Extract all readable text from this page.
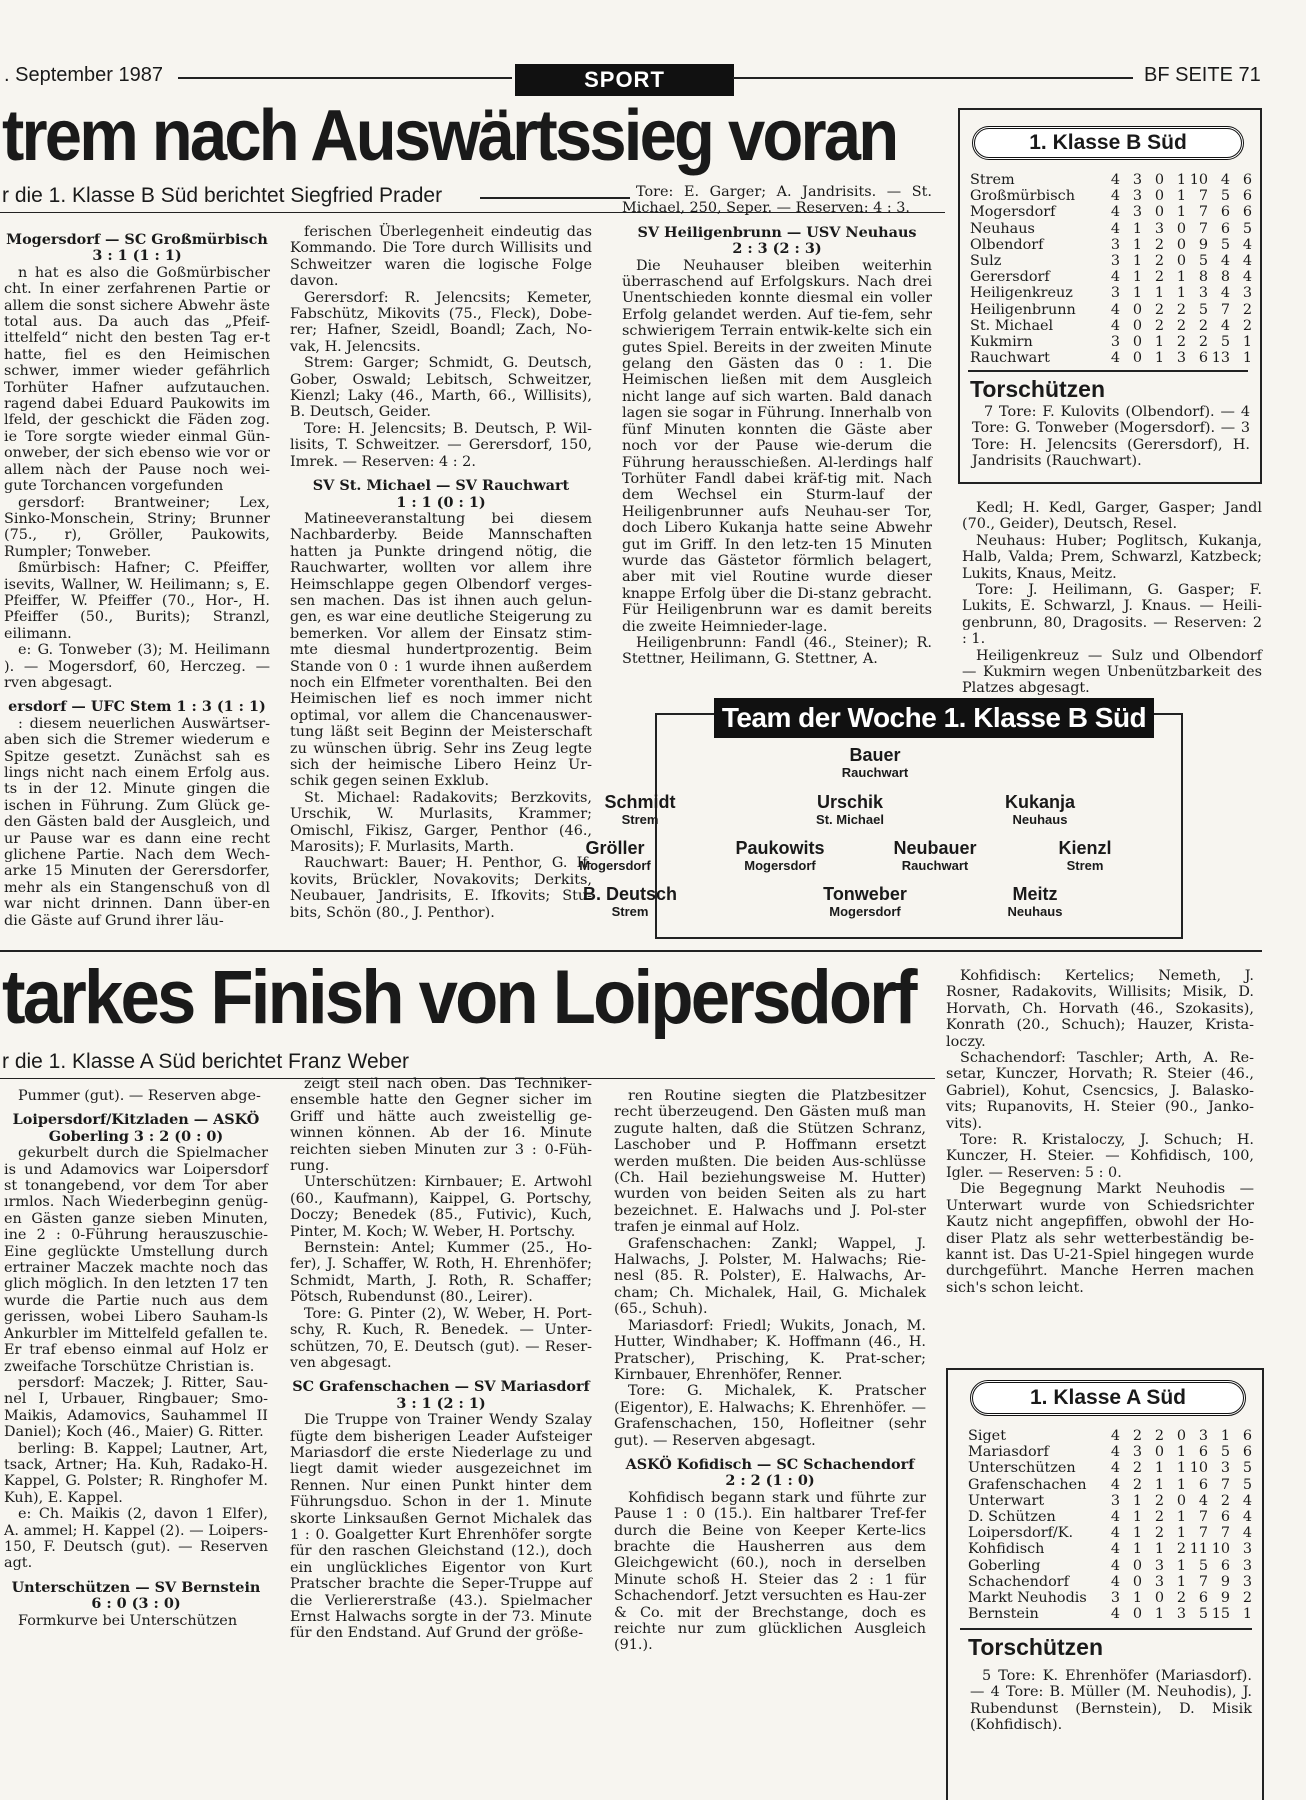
. September 1987	SPORT	BF SEITE 71
trem nach Auswärtssieg voran
r die 1. Klasse B Süd berichtet Siegfried Prader

Mogersdorf — SC Großmürbisch

3 : 1 (1 : 1)

n hat es also die Goßmürbischer cht. In einer zerfahrenen Partie or allem die sonst sichere Abwehr äste total aus. Da auch das „Pfeif-ittelfeld“ nicht den besten Tag er-t hatte, fiel es den Heimischen schwer, immer wieder gefährlich Torhüter Hafner aufzutauchen. ragend dabei Eduard Paukowits im lfeld, der geschickt die Fäden zog. ie Tore sorgte wieder einmal Gün-onweber, der sich ebenso wie vor or allem nàch der Pause noch wei- gute Torchancen vorgefunden

gersdorf: Brantweiner; Lex, Sinko-Monschein, Striny; Brunner (75., r), Gröller, Paukowits, Rumpler; Tonweber.

ßmürbisch: Hafner; C. Pfeiffer, isevits, Wallner, W. Heilimann; s, E. Pfeiffer, W. Pfeiffer (70., Hor-, H. Pfeiffer (50., Burits); Stranzl, eilimann.

e: G. Tonweber (3); M. Heilimann ). — Mogersdorf, 60, Herczeg. — rven abgesagt.

ersdorf — UFC Stem 1 : 3 (1 : 1)

: diesem neuerlichen Auswärtser-aben sich die Stremer wiederum e Spitze gesetzt. Zunächst sah es lings nicht nach einem Erfolg aus. ts in der 12. Minute gingen die ischen in Führung. Zum Glück ge-den Gästen bald der Ausgleich, und ur Pause war es dann eine recht glichene Partie. Nach dem Wech-arke 15 Minuten der Gerersdorfer, mehr als ein Stangenschuß von dl war nicht drinnen. Dann über-en die Gäste auf Grund ihrer läu-

ferischen Überlegenheit eindeutig das Kommando. Die Tore durch Willisits und Schweitzer waren die logische Folge davon.

Gerersdorf: R. Jelencsits; Kemeter, Fabschütz, Mikovits (75., Fleck), Dobe-rer; Hafner, Szeidl, Boandl; Zach, No-vak, H. Jelencsits.

Strem: Garger; Schmidt, G. Deutsch, Gober, Oswald; Lebitsch, Schweitzer, Kienzl; Laky (46., Marth, 66., Willisits), B. Deutsch, Geider.

Tore: H. Jelencsits; B. Deutsch, P. Wil-lisits, T. Schweitzer. — Gerersdorf, 150, Imrek. — Reserven: 4 : 2.

SV St. Michael — SV Rauchwart

1 : 1 (0 : 1)

Matineeveranstaltung bei diesem Nachbarderby. Beide Mannschaften hatten ja Punkte dringend nötig, die Rauchwarter, wollten vor allem ihre Heimschlappe gegen Olbendorf verges-sen machen. Das ist ihnen auch gelun-gen, es war eine deutliche Steigerung zu bemerken. Vor allem der Einsatz stim-mte diesmal hundertprozentig. Beim Stande von 0 : 1 wurde ihnen außerdem noch ein Elfmeter vorenthalten. Bei den Heimischen lief es noch immer nicht optimal, vor allem die Chancenauswer-tung läßt seit Beginn der Meisterschaft zu wünschen übrig. Sehr ins Zeug legte sich der heimische Libero Heinz Ur-schik gegen seinen Exklub.

St. Michael: Radakovits; Berzkovits, Urschik, W. Murlasits, Krammer; Omischl, Fikisz, Garger, Penthor (46., Marosits); F. Murlasits, Marth.

Rauchwart: Bauer; H. Penthor, G. If-kovits, Brückler, Novakovits; Derkits, Neubauer, Jandrisits, E. Ifkovits; Stu-bits, Schön (80., J. Penthor).

Tore: E. Garger; A. Jandrisits. — St. Michael, 250, Seper. — Reserven: 4 : 3.

SV Heiligenbrunn — USV Neuhaus

2 : 3 (2 : 3)

Die Neuhauser bleiben weiterhin überraschend auf Erfolgskurs. Nach drei Unentschieden konnte diesmal ein voller Erfolg gelandet werden. Auf tie-fem, sehr schwierigem Terrain entwik-kelte sich ein gutes Spiel. Bereits in der zweiten Minute gelang den Gästen das 0 : 1. Die Heimischen ließen mit dem Ausgleich nicht lange auf sich warten. Bald danach lagen sie sogar in Führung. Innerhalb von fünf Minuten konnten die Gäste aber noch vor der Pause wie-derum die Führung herausschießen. Al-lerdings half Torhüter Fandl dabei kräf-tig mit. Nach dem Wechsel ein Sturm-lauf der Heiligenbrunner aufs Neuhau-ser Tor, doch Libero Kukanja hatte seine Abwehr gut im Griff. In den letz-ten 15 Minuten wurde das Gästetor förmlich belagert, aber mit viel Routine wurde dieser knappe Erfolg über die Di-stanz gebracht. Für Heiligenbrunn war es damit bereits die zweite Heimnieder-lage.

Heiligenbrunn: Fandl (46., Steiner); R. Stettner, Heilimann, G. Stettner, A.

Kedl; H. Kedl, Garger, Gasper; Jandl (70., Geider), Deutsch, Resel.

Neuhaus: Huber; Poglitsch, Kukanja, Halb, Valda; Prem, Schwarzl, Katzbeck; Lukits, Knaus, Meitz.

Tore: J. Heilimann, G. Gasper; F. Lukits, E. Schwarzl, J. Knaus. — Heili-genbrunn, 80, Dragosits. — Reserven: 2 : 1.

Heiligenkreuz — Sulz und Olbendorf — Kukmirn wegen Unbenützbarkeit des Platzes abgesagt.

1. Klasse B Süd
Strem	4	3	0	1	10	4	6
Großmürbisch	4	3	0	1	7	5	6
Mogersdorf	4	3	0	1	7	6	6
Neuhaus	4	1	3	0	7	6	5
Olbendorf	3	1	2	0	9	5	4
Sulz	3	1	2	0	5	4	4
Gerersdorf	4	1	2	1	8	8	4
Heiligenkreuz	3	1	1	1	3	4	3
Heiligenbrunn	4	0	2	2	5	7	2
St. Michael	4	0	2	2	2	4	2
Kukmirn	3	0	1	2	2	5	1
Rauchwart	4	0	1	3	6	13	1
Torschützen
7 Tore: F. Kulovits (Olbendorf). — 4 Tore: G. Tonweber (Mogersdorf). — 3 Tore: H. Jelencsits (Gerersdorf), H. Jandrisits (Rauchwart).
Team der Woche 1. Klasse B Süd
Bauer
Rauchwart
Schmidt
Strem
Urschik
St. Michael
Kukanja
Neuhaus
Gröller
Mogersdorf
Paukowits
Mogersdorf
Neubauer
Rauchwart
Kienzl
Strem
B. Deutsch
Strem
Tonweber
Mogersdorf
Meitz
Neuhaus
tarkes Finish von Loipersdorf
r die 1. Klasse A Süd berichtet Franz Weber

Pummer (gut). — Reserven abge-

Loipersdorf/Kitzladen — ASKÖ

Goberling 3 : 2 (0 : 0)

gekurbelt durch die Spielmacher is und Adamovics war Loipersdorf st tonangebend, vor dem Tor aber ırmlos. Nach Wiederbeginn genüg-en Gästen ganze sieben Minuten, ine 2 : 0-Führung herauszuschie-Eine geglückte Umstellung durch ertrainer Maczek machte noch das glich möglich. In den letzten 17 ten wurde die Partie nuch aus dem gerissen, wobei Libero Sauham-ls Ankurbler im Mittelfeld gefallen te. Er traf ebenso einmal auf Holz er zweifache Torschütze Christian is.

persdorf: Maczek; J. Ritter, Sau-nel I, Urbauer, Ringbauer; Smo-Maikis, Adamovics, Sauhammel II Daniel); Koch (46., Maier) G. Ritter.

berling: B. Kappel; Lautner, Art, tsack, Artner; Ha. Kuh, Radako-H. Kappel, G. Polster; R. Ringhofer M. Kuh), E. Kappel.

e: Ch. Maikis (2, davon 1 Elfer), A. ammel; H. Kappel (2). — Loipers-150, F. Deutsch (gut). — Reserven agt.

Unterschützen — SV Bernstein

6 : 0 (3 : 0)

Formkurve bei Unterschützen

zeigt steil nach oben. Das Techniker-ensemble hatte den Gegner sicher im Griff und hätte auch zweistellig ge-winnen können. Ab der 16. Minute reichten sieben Minuten zur 3 : 0-Füh-rung.

Unterschützen: Kirnbauer; E. Artwohl (60., Kaufmann), Kaippel, G. Portschy, Doczy; Benedek (85., Futivic), Kuch, Pinter, M. Koch; W. Weber, H. Portschy.

Bernstein: Antel; Kummer (25., Ho-fer), J. Schaffer, W. Roth, H. Ehrenhöfer; Schmidt, Marth, J. Roth, R. Schaffer; Pötsch, Rubendunst (80., Leirer).

Tore: G. Pinter (2), W. Weber, H. Port-schy, R. Kuch, R. Benedek. — Unter-schützen, 70, E. Deutsch (gut). — Reser-ven abgesagt.

SC Grafenschachen — SV Mariasdorf

3 : 1 (2 : 1)

Die Truppe von Trainer Wendy Szalay fügte dem bisherigen Leader Aufsteiger Mariasdorf die erste Niederlage zu und liegt damit wieder ausgezeichnet im Rennen. Nur einen Punkt hinter dem Führungsduo. Schon in der 1. Minute skorte Linksaußen Gernot Michalek das 1 : 0. Goalgetter Kurt Ehrenhöfer sorgte für den raschen Gleichstand (12.), doch ein unglückliches Eigentor von Kurt Pratscher brachte die Seper-Truppe auf die Verliererstraße (43.). Spielmacher Ernst Halwachs sorgte in der 73. Minute für den Endstand. Auf Grund der größe-

ren Routine siegten die Platzbesitzer recht überzeugend. Den Gästen muß man zugute halten, daß die Stützen Schranz, Laschober und P. Hoffmann ersetzt werden mußten. Die beiden Aus-schlüsse (Ch. Hail beziehungsweise M. Hutter) wurden von beiden Seiten als zu hart bezeichnet. E. Halwachs und J. Pol-ster trafen je einmal auf Holz.

Grafenschachen: Zankl; Wappel, J. Halwachs, J. Polster, M. Halwachs; Rie-nesl (85. R. Polster), E. Halwachs, Ar-cham; Ch. Michalek, Hail, G. Michalek (65., Schuh).

Mariasdorf: Friedl; Wukits, Jonach, M. Hutter, Windhaber; K. Hoffmann (46., H. Pratscher), Prisching, K. Prat-scher; Kirnbauer, Ehrenhöfer, Renner.

Tore: G. Michalek, K. Pratscher (Eigentor), E. Halwachs; K. Ehrenhöfer. — Grafenschachen, 150, Hofleitner (sehr gut). — Reserven abgesagt.

ASKÖ Kofidisch — SC Schachendorf

2 : 2 (1 : 0)

Kohfidisch begann stark und führte zur Pause 1 : 0 (15.). Ein haltbarer Tref-fer durch die Beine von Keeper Kerte-lics brachte die Hausherren aus dem Gleichgewicht (60.), noch in derselben Minute schoß H. Steier das 2 : 1 für Schachendorf. Jetzt versuchten es Hau-zer & Co. mit der Brechstange, doch es reichte nur zum glücklichen Ausgleich (91.).

Kohfidisch: Kertelics; Nemeth, J. Rosner, Radakovits, Willisits; Misik, D. Horvath, Ch. Horvath (46., Szokasits), Konrath (20., Schuch); Hauzer, Krista-loczy.

Schachendorf: Taschler; Arth, A. Re-setar, Kunczer, Horvath; R. Steier (46., Gabriel), Kohut, Csencsics, J. Balasko-vits; Rupanovits, H. Steier (90., Janko-vits).

Tore: R. Kristaloczy, J. Schuch; H. Kunczer, H. Steier. — Kohfidisch, 100, Igler. — Reserven: 5 : 0.

Die Begegnung Markt Neuhodis — Unterwart wurde von Schiedsrichter Kautz nicht angepfiffen, obwohl der Ho-diser Platz als sehr wetterbeständig be-kannt ist. Das U-21-Spiel hingegen wurde durchgeführt. Manche Herren machen sich's schon leicht.

1. Klasse A Süd
Siget	4	2	2	0	3	1	6
Mariasdorf	4	3	0	1	6	5	6
Unterschützen	4	2	1	1	10	3	5
Grafenschachen	4	2	1	1	6	7	5
Unterwart	3	1	2	0	4	2	4
D. Schützen	4	1	2	1	7	6	4
Loipersdorf/K.	4	1	2	1	7	7	4
Kohfidisch	4	1	1	2	11	10	3
Goberling	4	0	3	1	5	6	3
Schachendorf	4	0	3	1	7	9	3
Markt Neuhodis	3	1	0	2	6	9	2
Bernstein	4	0	1	3	5	15	1
Torschützen
5 Tore: K. Ehrenhöfer (Mariasdorf). — 4 Tore: B. Müller (M. Neuhodis), J. Rubendunst (Bernstein), D. Misik (Kohfidisch).
